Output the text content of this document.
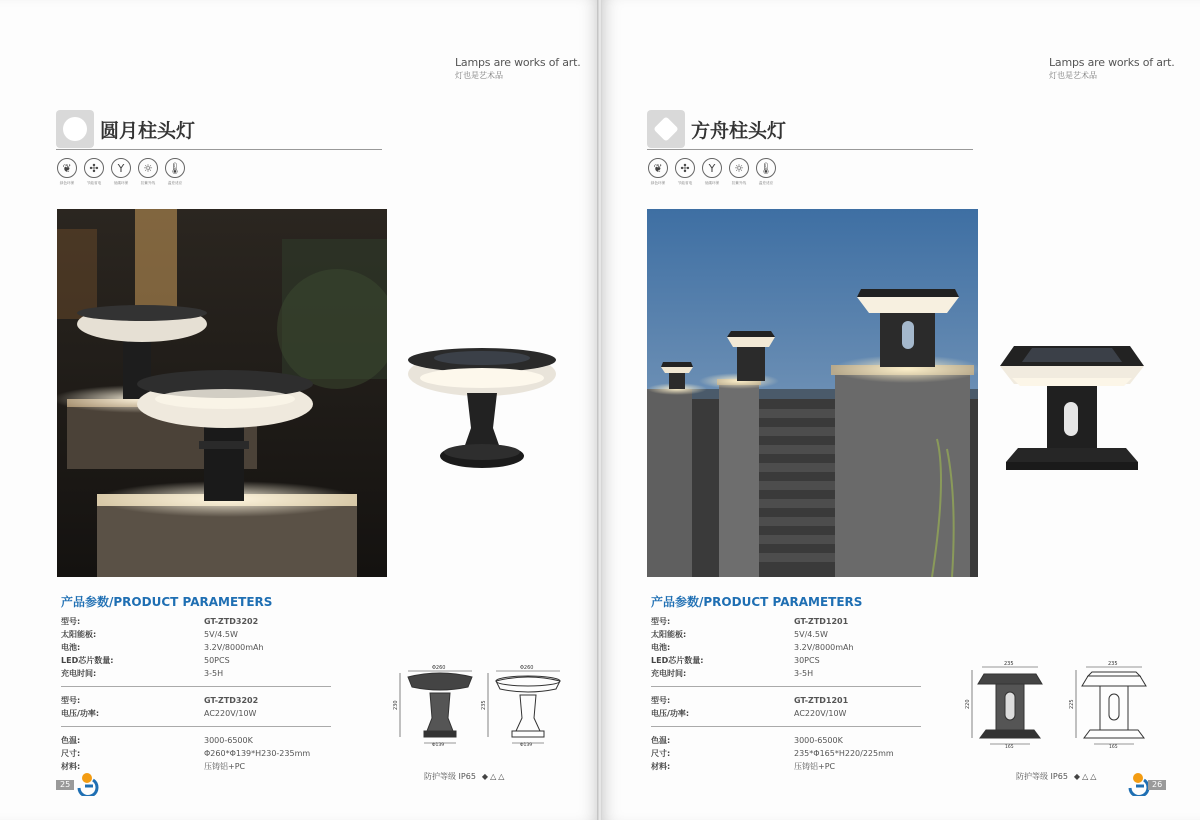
Lamps are works of art.
灯也是艺术品
圆月柱头灯
❦
绿色环保
✣
节能省电
Y
低碳环保
☼
抗紫外线
🌡
温差适应
产品参数/PRODUCT PARAMETERS
型号:	GT-ZTD3202
太阳能板:	5V/4.5W
电池:	3.2V/8000mAh
LED芯片数量:	50PCS
充电时间:	3-5H
型号:	GT-ZTD3202
电压/功率:	AC220V/10W
色温:	3000-6500K
尺寸:	Φ260*Φ139*H230-235mm
材料:	压铸铝+PC
Φ260
230
Φ139
Φ260
235
Φ139
防护等级 IP65 ◆ △ △
25
Lamps are works of art.
灯也是艺术品
方舟柱头灯
❦
绿色环保
✣
节能省电
Y
低碳环保
☼
抗紫外线
🌡
温差适应
产品参数/PRODUCT PARAMETERS
型号:	GT-ZTD1201
太阳能板:	5V/4.5W
电池:	3.2V/8000mAh
LED芯片数量:	30PCS
充电时间:	3-5H
型号:	GT-ZTD1201
电压/功率:	AC220V/10W
色温:	3000-6500K
尺寸:	235*Φ165*H220/225mm
材料:	压铸铝+PC
235
220
165
235
225
165
防护等级 IP65 ◆ △ △
26
